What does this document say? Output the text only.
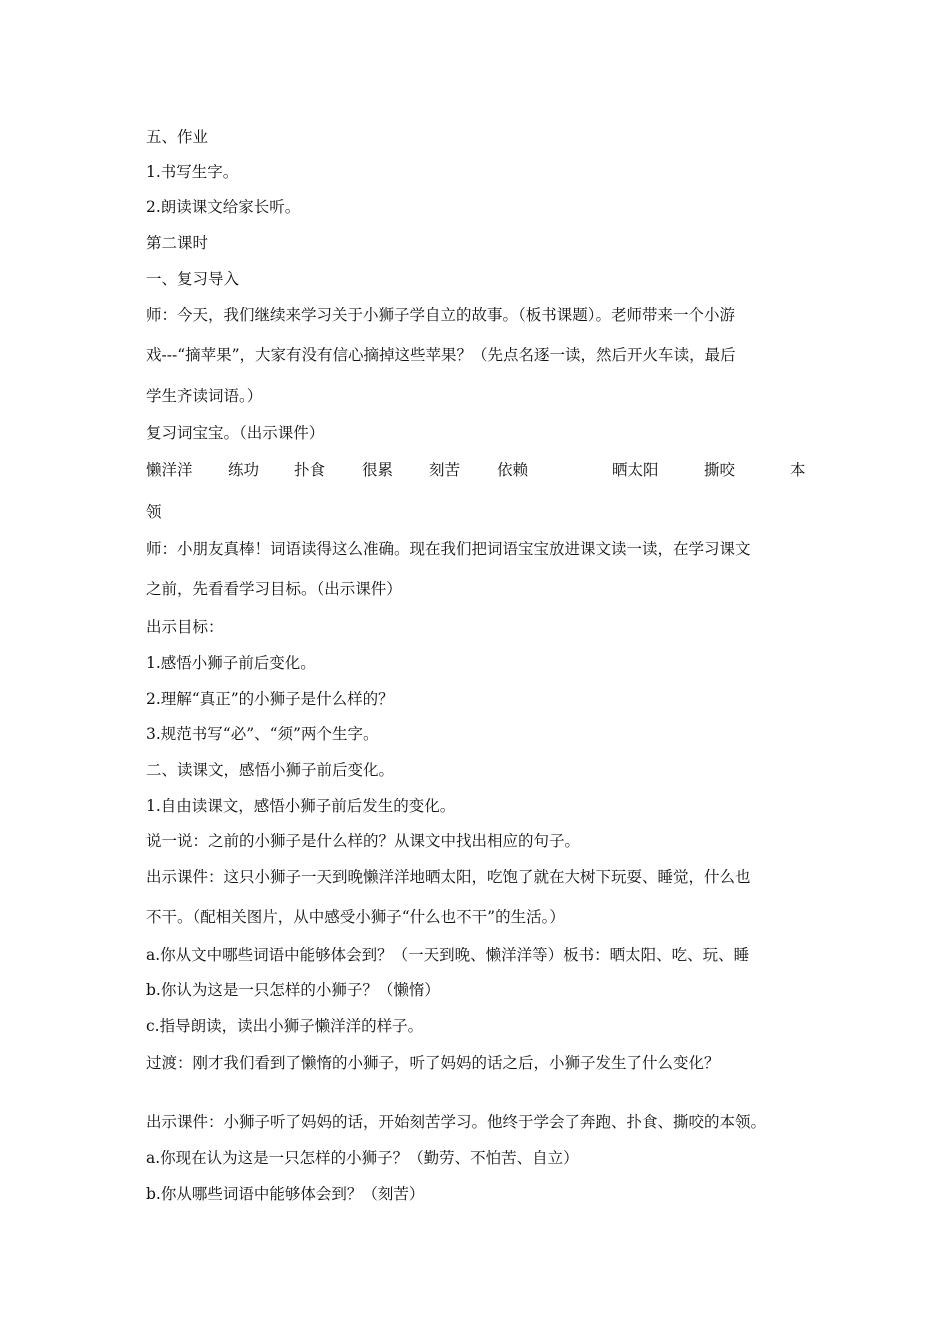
五、作业
1.书写生字。
2.朗读课文给家长听。
第二课时
一、复习导入
师：今天，我们继续来学习关于小狮子学自立的故事。（板书课题）。老师带来一个小游
戏---“摘苹果”，大家有没有信心摘掉这些苹果？（先点名逐一读，然后开火车读，最后
学生齐读词语。）
复习词宝宝。（出示课件）
懒洋洋 练功 扑食 很累 刻苦 依赖	晒太阳	撕咬	本
领
师：小朋友真棒！词语读得这么准确。现在我们把词语宝宝放进课文读一读，在学习课文
之前，先看看学习目标。（出示课件）
出示目标：
1.感悟小狮子前后变化。
2.理解“真正”的小狮子是什么样的？
3.规范书写“必”、“须”两个生字。
二、读课文，感悟小狮子前后变化。
1.自由读课文，感悟小狮子前后发生的变化。
说一说：之前的小狮子是什么样的？从课文中找出相应的句子。
出示课件：这只小狮子一天到晚懒洋洋地晒太阳，吃饱了就在大树下玩耍、睡觉，什么也
不干。（配相关图片，从中感受小狮子“什么也不干”的生活。）
a.你从文中哪些词语中能够体会到？（一天到晚、懒洋洋等）板书：晒太阳、吃、玩、睡
b.你认为这是一只怎样的小狮子？（懒惰）
c.指导朗读，读出小狮子懒洋洋的样子。
过渡：刚才我们看到了懒惰的小狮子，听了妈妈的话之后，小狮子发生了什么变化？
出示课件：小狮子听了妈妈的话，开始刻苦学习。他终于学会了奔跑、扑食、撕咬的本领。
a.你现在认为这是一只怎样的小狮子？（勤劳、不怕苦、自立）
b.你从哪些词语中能够体会到？（刻苦）
